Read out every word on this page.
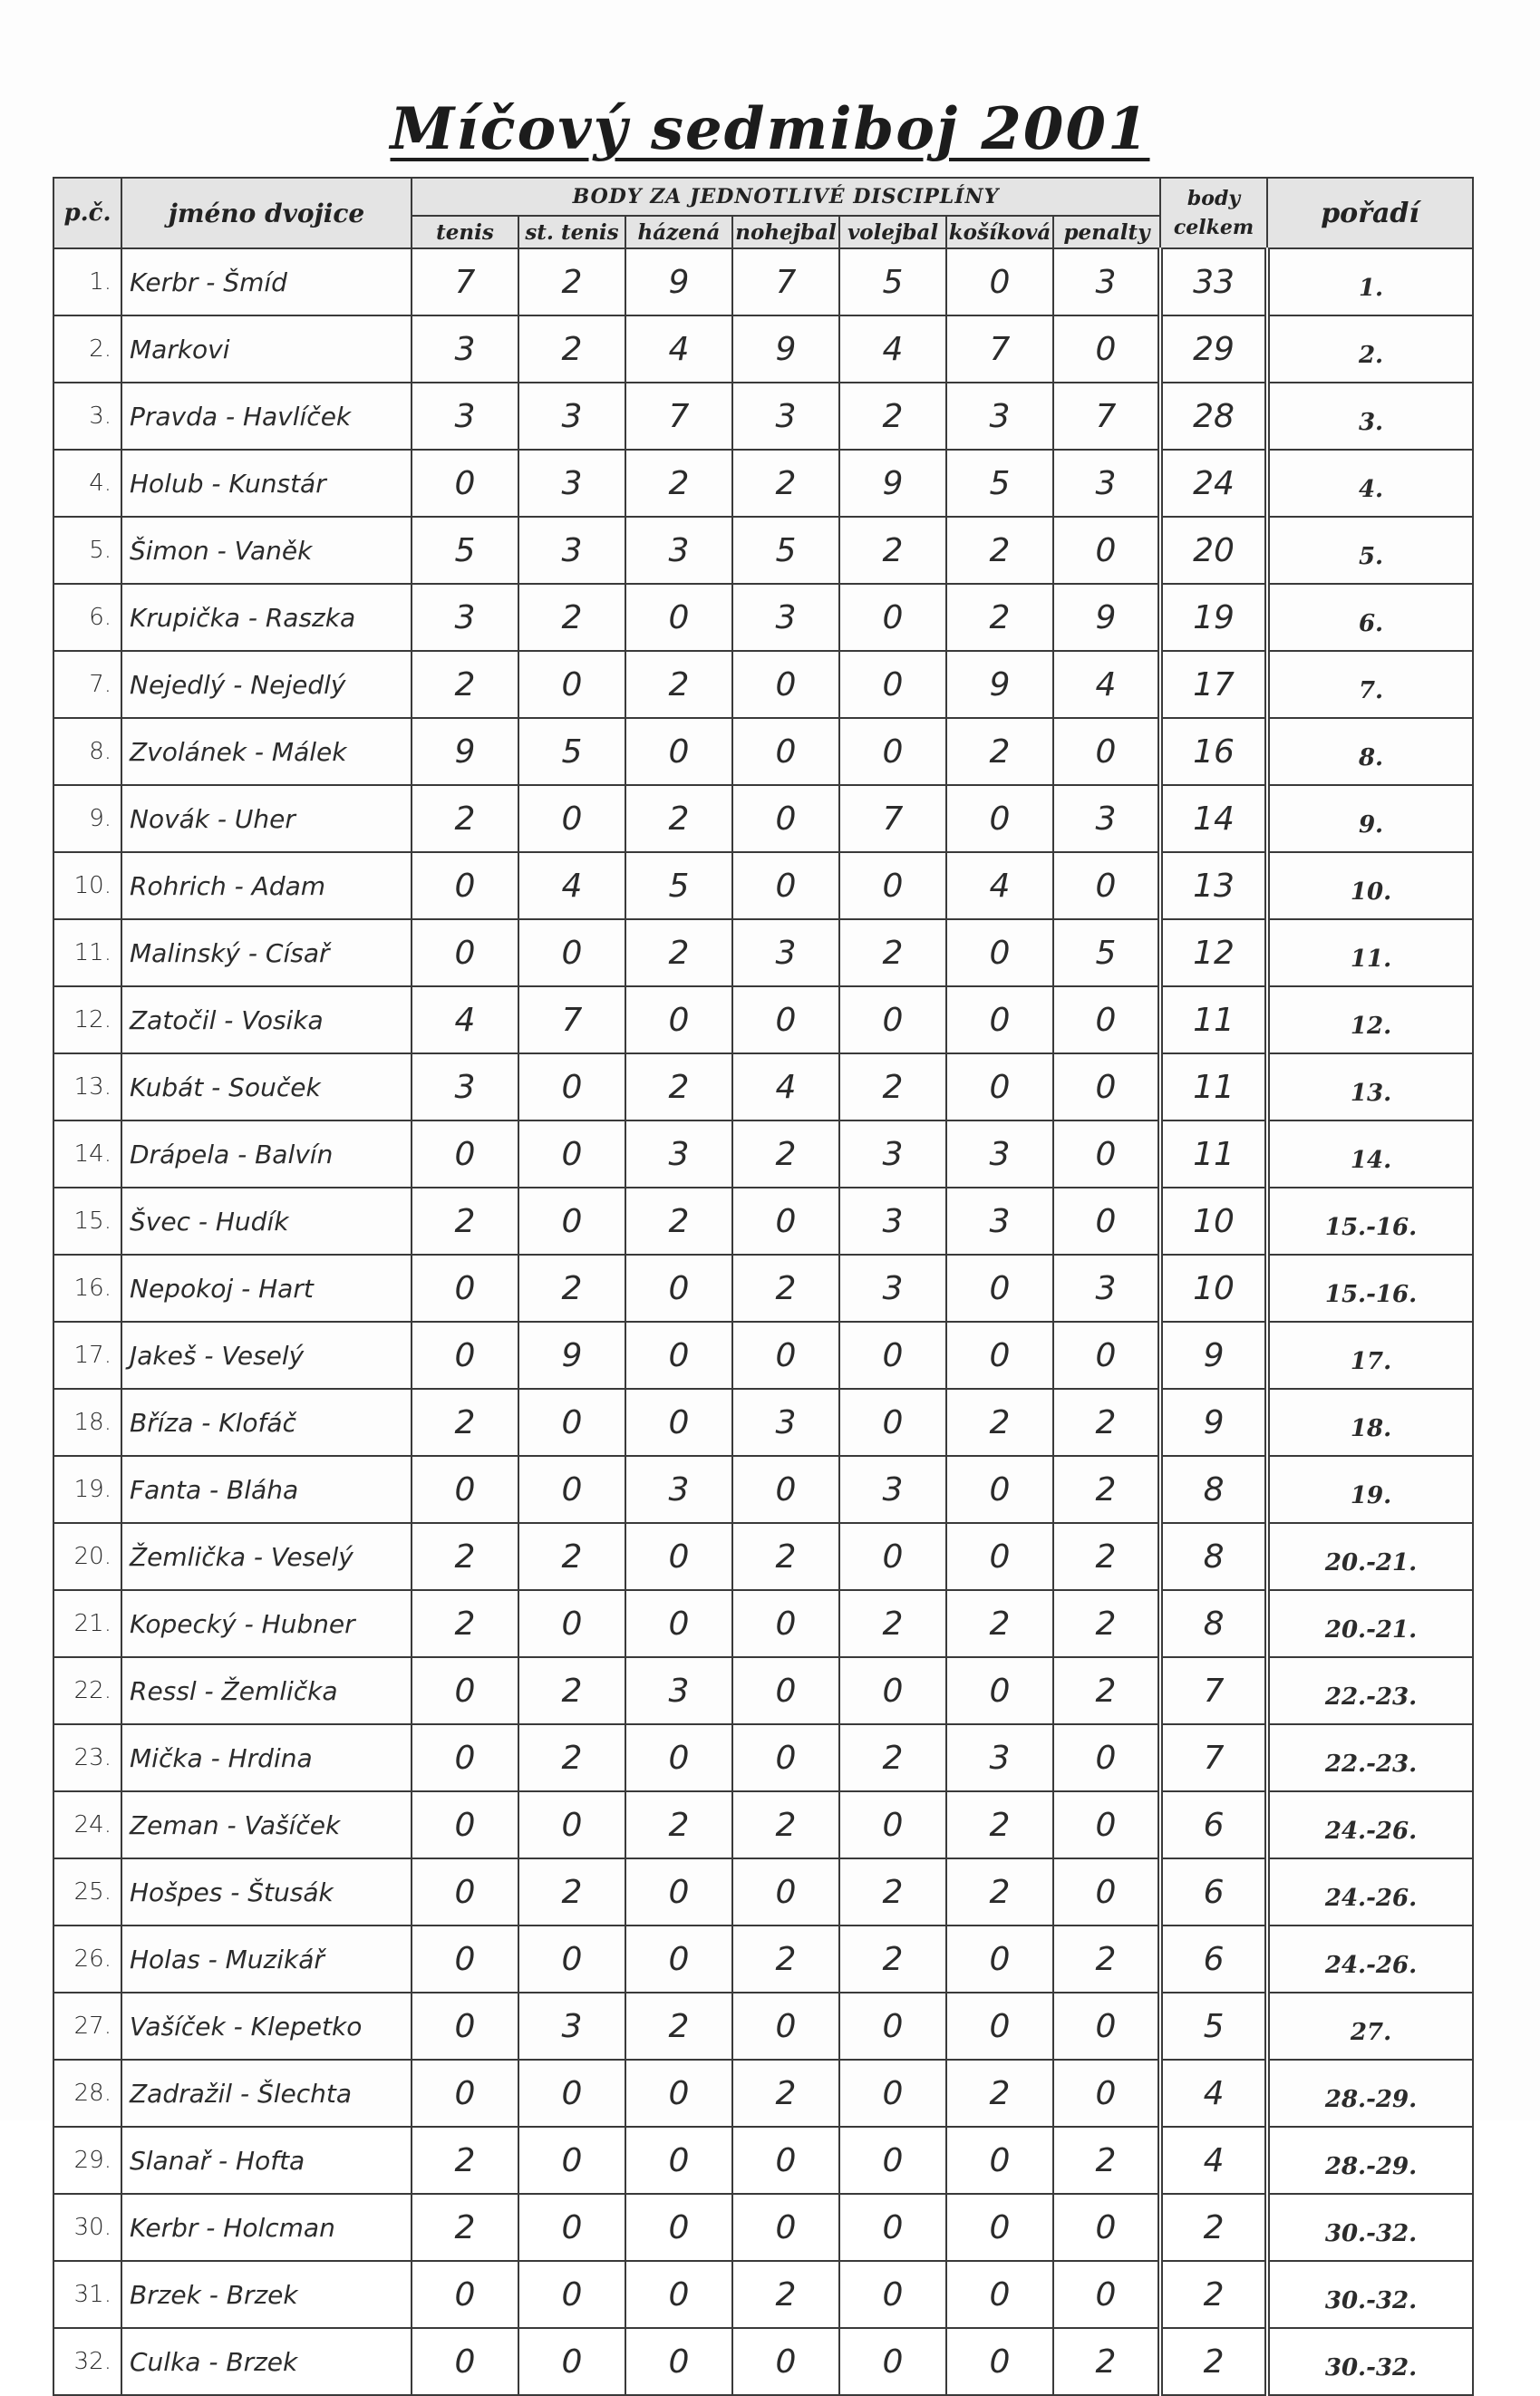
Míčový sedmiboj 2001
p.č.	jméno dvojice	BODY ZA JEDNOTLIVÉ DISCIPLÍNY							body celkem	pořadí
		tenis	st. tenis	házená	nohejbal	volejbal	košíková	penalty		
1.	Kerbr - Šmíd	7	2	9	7	5	0	3	33	1.
2.	Markovi	3	2	4	9	4	7	0	29	2.
3.	Pravda - Havlíček	3	3	7	3	2	3	7	28	3.
4.	Holub - Kunstár	0	3	2	2	9	5	3	24	4.
5.	Šimon - Vaněk	5	3	3	5	2	2	0	20	5.
6.	Krupička - Raszka	3	2	0	3	0	2	9	19	6.
7.	Nejedlý - Nejedlý	2	0	2	0	0	9	4	17	7.
8.	Zvolánek - Málek	9	5	0	0	0	2	0	16	8.
9.	Novák - Uher	2	0	2	0	7	0	3	14	9.
10.	Rohrich - Adam	0	4	5	0	0	4	0	13	10.
11.	Malinský - Císař	0	0	2	3	2	0	5	12	11.
12.	Zatočil - Vosika	4	7	0	0	0	0	0	11	12.
13.	Kubát - Souček	3	0	2	4	2	0	0	11	13.
14.	Drápela - Balvín	0	0	3	2	3	3	0	11	14.
15.	Švec - Hudík	2	0	2	0	3	3	0	10	15.-16.
16.	Nepokoj - Hart	0	2	0	2	3	0	3	10	15.-16.
17.	Jakeš - Veselý	0	9	0	0	0	0	0	9	17.
18.	Bříza - Klofáč	2	0	0	3	0	2	2	9	18.
19.	Fanta - Bláha	0	0	3	0	3	0	2	8	19.
20.	Žemlička - Veselý	2	2	0	2	0	0	2	8	20.-21.
21.	Kopecký - Hubner	2	0	0	0	2	2	2	8	20.-21.
22.	Ressl - Žemlička	0	2	3	0	0	0	2	7	22.-23.
23.	Mička - Hrdina	0	2	0	0	2	3	0	7	22.-23.
24.	Zeman - Vašíček	0	0	2	2	0	2	0	6	24.-26.
25.	Hošpes - Štusák	0	2	0	0	2	2	0	6	24.-26.
26.	Holas - Muzikář	0	0	0	2	2	0	2	6	24.-26.
27.	Vašíček - Klepetko	0	3	2	0	0	0	0	5	27.
28.	Zadražil - Šlechta	0	0	0	2	0	2	0	4	28.-29.
29.	Slanař - Hofta	2	0	0	0	0	0	2	4	28.-29.
30.	Kerbr - Holcman	2	0	0	0	0	0	0	2	30.-32.
31.	Brzek - Brzek	0	0	0	2	0	0	0	2	30.-32.
32.	Culka - Brzek	0	0	0	0	0	0	2	2	30.-32.
